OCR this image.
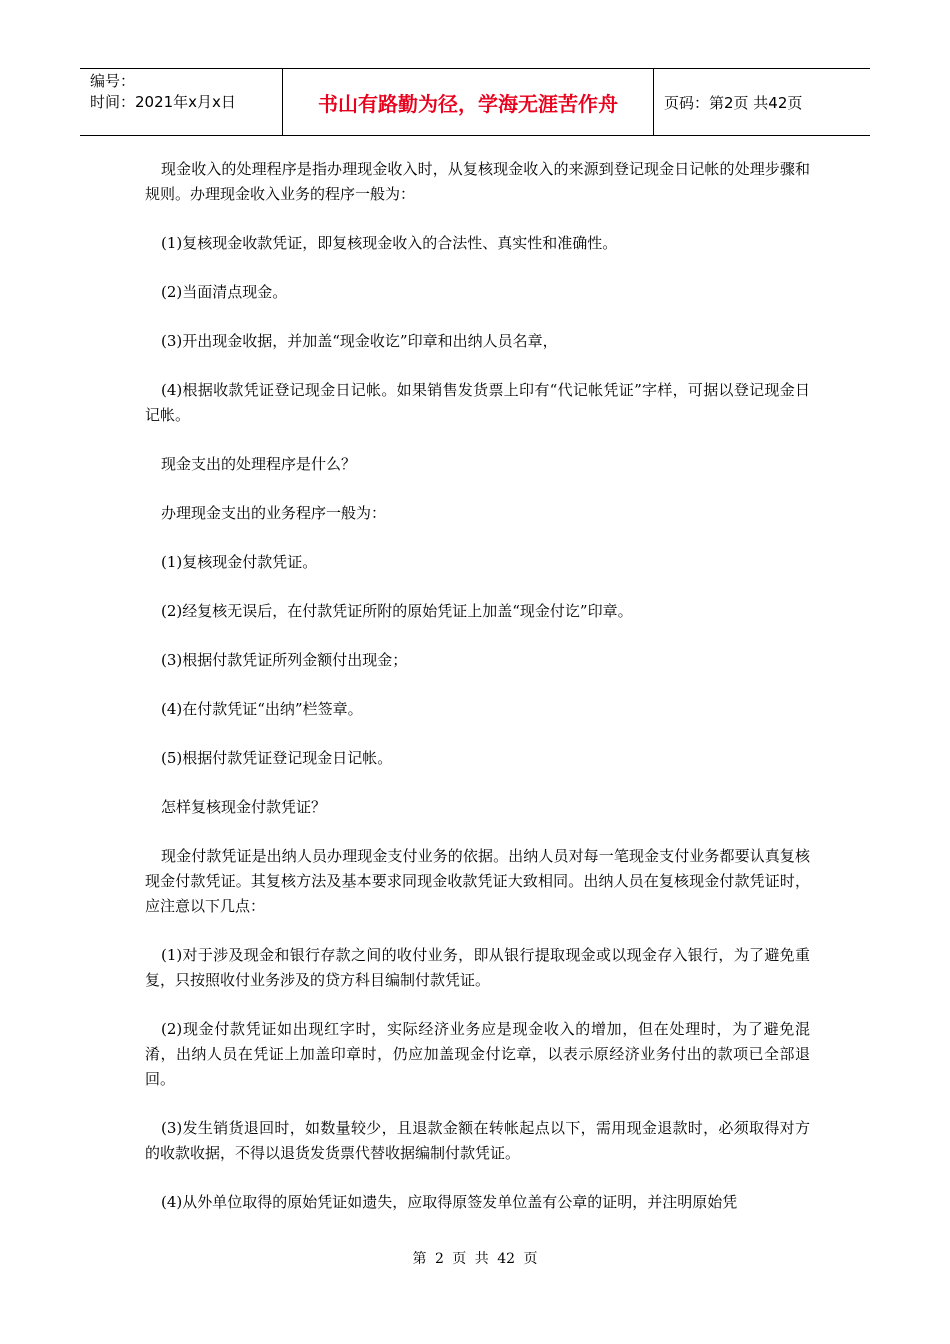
编号：
时间：2021年x月x日	书山有路勤为径，学海无涯苦作舟	页码：第2页 共42页

现金收入的处理程序是指办理现金收入时，从复核现金收入的来源到登记现金日记帐的处理步骤和规则。办理现金收入业务的程序一般为：

(1)复核现金收款凭证，即复核现金收入的合法性、真实性和准确性。

(2)当面清点现金。

(3)开出现金收据，并加盖“现金收讫”印章和出纳人员名章，

(4)根据收款凭证登记现金日记帐。如果销售发货票上印有“代记帐凭证”字样，可据以登记现金日记帐。

现金支出的处理程序是什么？

办理现金支出的业务程序一般为：

(1)复核现金付款凭证。

(2)经复核无误后，在付款凭证所附的原始凭证上加盖“现金付讫”印章。

(3)根据付款凭证所列金额付出现金；

(4)在付款凭证“出纳”栏签章。

(5)根据付款凭证登记现金日记帐。

怎样复核现金付款凭证？

现金付款凭证是出纳人员办理现金支付业务的依据。出纳人员对每一笔现金支付业务都要认真复核现金付款凭证。其复核方法及基本要求同现金收款凭证大致相同。出纳人员在复核现金付款凭证时，应注意以下几点：

(1)对于涉及现金和银行存款之间的收付业务，即从银行提取现金或以现金存入银行，为了避免重复，只按照收付业务涉及的贷方科目编制付款凭证。

(2)现金付款凭证如出现红字时，实际经济业务应是现金收入的增加，但在处理时，为了避免混淆，出纳人员在凭证上加盖印章时，仍应加盖现金付讫章，以表示原经济业务付出的款项已全部退回。

(3)发生销货退回时，如数量较少，且退款金额在转帐起点以下，需用现金退款时，必须取得对方的收款收据，不得以退货发货票代替收据编制付款凭证。

(4)从外单位取得的原始凭证如遗失，应取得原签发单位盖有公章的证明，并注明原始凭

第 2 页 共 42 页
